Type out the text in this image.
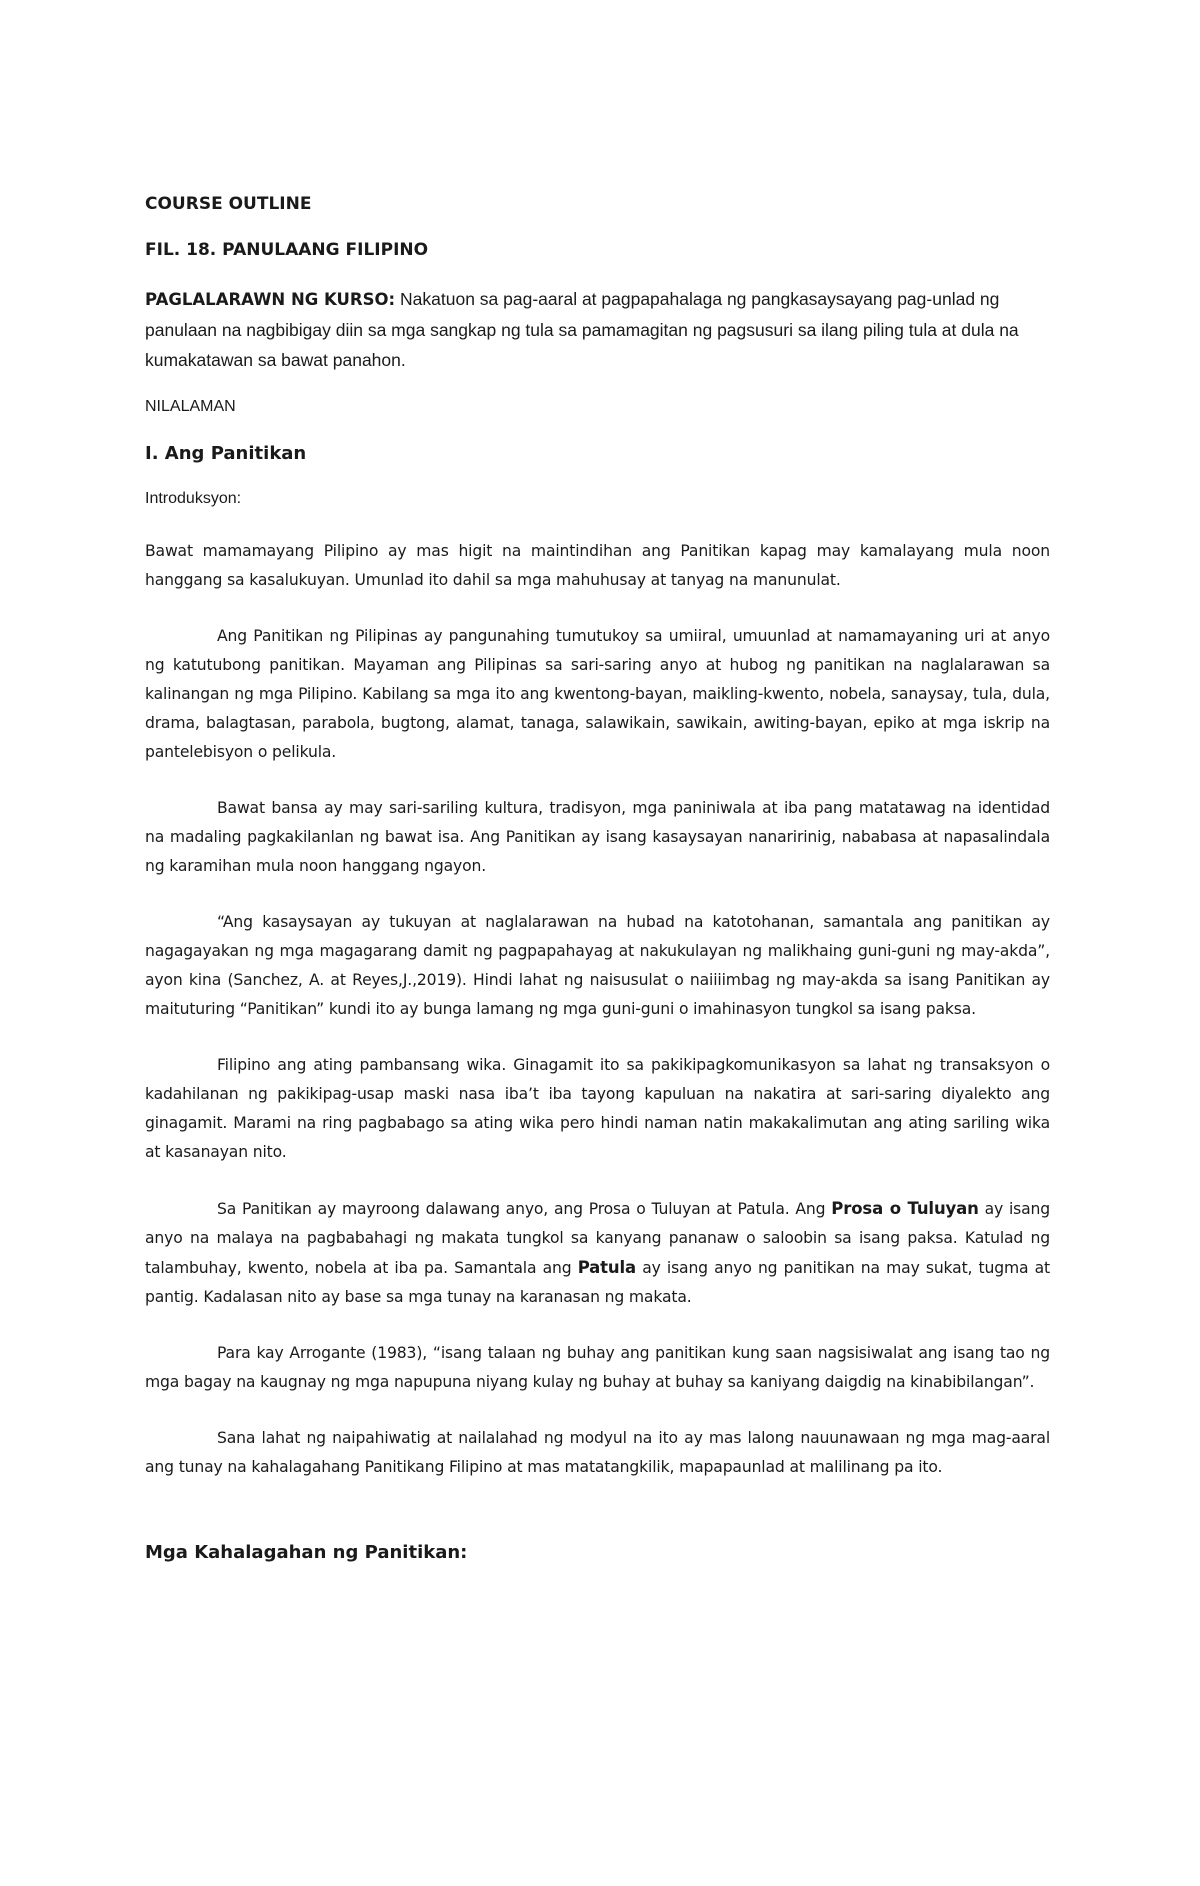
COURSE OUTLINE

FIL. 18. PANULAANG FILIPINO

PAGLALARAWN NG KURSO: Nakatuon sa pag-aaral at pagpapahalaga ng pangkasaysayang pag-unlad ng panulaan na nagbibigay diin sa mga sangkap ng tula sa pamamagitan ng pagsusuri sa ilang piling tula at dula na kumakatawan sa bawat panahon.

NILALAMAN

I. Ang Panitikan

Introduksyon:

Bawat mamamayang Pilipino ay mas higit na maintindihan ang Panitikan kapag may kamalayang mula noon hanggang sa kasalukuyan. Umunlad ito dahil sa mga mahuhusay at tanyag na manunulat.

Ang Panitikan ng Pilipinas ay pangunahing tumutukoy sa umiiral, umuunlad at namamayaning uri at anyo ng katutubong panitikan. Mayaman ang Pilipinas sa sari-saring anyo at hubog ng panitikan na naglalarawan sa kalinangan ng mga Pilipino. Kabilang sa mga ito ang kwentong-bayan, maikling-kwento, nobela, sanaysay, tula, dula, drama, balagtasan, parabola, bugtong, alamat, tanaga, salawikain, sawikain, awiting-bayan, epiko at mga iskrip na pantelebisyon o pelikula.

Bawat bansa ay may sari-sariling kultura, tradisyon, mga paniniwala at iba pang matatawag na identidad na madaling pagkakilanlan ng bawat isa. Ang Panitikan ay isang kasaysayan nanaririnig, nababasa at napasalindala ng karamihan mula noon hanggang ngayon.

“Ang kasaysayan ay tukuyan at naglalarawan na hubad na katotohanan, samantala ang panitikan ay nagagayakan ng mga magagarang damit ng pagpapahayag at nakukulayan ng malikhaing guni-guni ng may-akda”, ayon kina (Sanchez, A. at Reyes,J.,2019). Hindi lahat ng naisusulat o naiiiimbag ng may-akda sa isang Panitikan ay maituturing “Panitikan” kundi ito ay bunga lamang ng mga guni-guni o imahinasyon tungkol sa isang paksa.

Filipino ang ating pambansang wika. Ginagamit ito sa pakikipagkomunikasyon sa lahat ng transaksyon o kadahilanan ng pakikipag-usap maski nasa iba’t iba tayong kapuluan na nakatira at sari-saring diyalekto ang ginagamit. Marami na ring pagbabago sa ating wika pero hindi naman natin makakalimutan ang ating sariling wika at kasanayan nito.

Sa Panitikan ay mayroong dalawang anyo, ang Prosa o Tuluyan at Patula. Ang Prosa o Tuluyan ay isang anyo na malaya na pagbabahagi ng makata tungkol sa kanyang pananaw o saloobin sa isang paksa. Katulad ng talambuhay, kwento, nobela at iba pa. Samantala ang Patula ay isang anyo ng panitikan na may sukat, tugma at pantig. Kadalasan nito ay base sa mga tunay na karanasan ng makata.

Para kay Arrogante (1983), “isang talaan ng buhay ang panitikan kung saan nagsisiwalat ang isang tao ng mga bagay na kaugnay ng mga napupuna niyang kulay ng buhay at buhay sa kaniyang daigdig na kinabibilangan”.

Sana lahat ng naipahiwatig at nailalahad ng modyul na ito ay mas lalong nauunawaan ng mga mag-aaral ang tunay na kahalagahang Panitikang Filipino at mas matatangkilik, mapapaunlad at malilinang pa ito.

Mga Kahalagahan ng Panitikan:
